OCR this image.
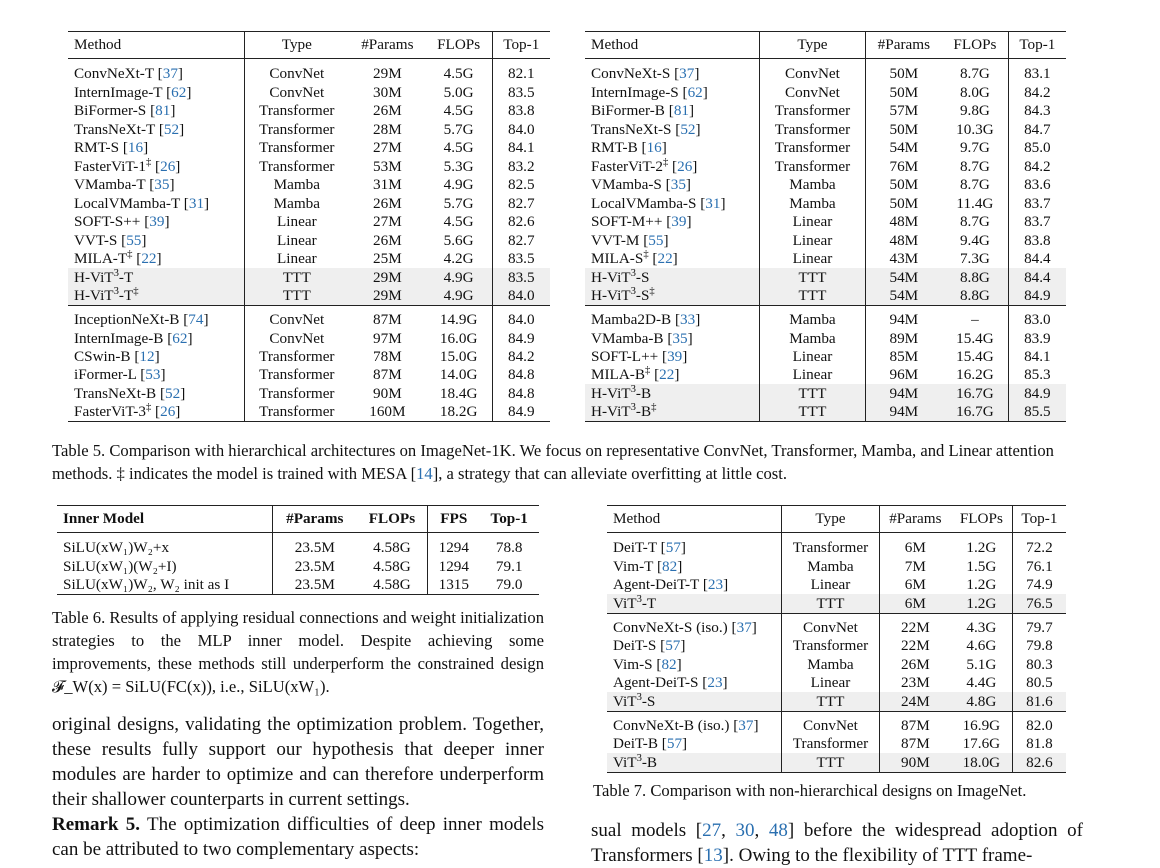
Method	Type	#Params	FLOPs	Top-1
ConvNeXt-T [37]	ConvNet	29M	4.5G	82.1
InternImage-T [62]	ConvNet	30M	5.0G	83.5
BiFormer-S [81]	Transformer	26M	4.5G	83.8
TransNeXt-T [52]	Transformer	28M	5.7G	84.0
RMT-S [16]	Transformer	27M	4.5G	84.1
FasterViT-1‡ [26]	Transformer	53M	5.3G	83.2
VMamba-T [35]	Mamba	31M	4.9G	82.5
LocalVMamba-T [31]	Mamba	26M	5.7G	82.7
SOFT-S++ [39]	Linear	27M	4.5G	82.6
VVT-S [55]	Linear	26M	5.6G	82.7
MILA-T‡ [22]	Linear	25M	4.2G	83.5
H-ViT$^3$-T	TTT	29M	4.9G	83.5
H-ViT$^3$-T‡	TTT	29M	4.9G	84.0
InceptionNeXt-B [74]	ConvNet	87M	14.9G	84.0
InternImage-B [62]	ConvNet	97M	16.0G	84.9
CSwin-B [12]	Transformer	78M	15.0G	84.2
iFormer-L [53]	Transformer	87M	14.0G	84.8
TransNeXt-B [52]	Transformer	90M	18.4G	84.8
FasterViT-3‡ [26]	Transformer	160M	18.2G	84.9
Method	Type	#Params	FLOPs	Top-1
ConvNeXt-S [37]	ConvNet	50M	8.7G	83.1
InternImage-S [62]	ConvNet	50M	8.0G	84.2
BiFormer-B [81]	Transformer	57M	9.8G	84.3
TransNeXt-S [52]	Transformer	50M	10.3G	84.7
RMT-B [16]	Transformer	54M	9.7G	85.0
FasterViT-2‡ [26]	Transformer	76M	8.7G	84.2
VMamba-S [35]	Mamba	50M	8.7G	83.6
LocalVMamba-S [31]	Mamba	50M	11.4G	83.7
SOFT-M++ [39]	Linear	48M	8.7G	83.7
VVT-M [55]	Linear	48M	9.4G	83.8
MILA-S‡ [22]	Linear	43M	7.3G	84.4
H-ViT$^3$-S	TTT	54M	8.8G	84.4
H-ViT$^3$-S‡	TTT	54M	8.8G	84.9
Mamba2D-B [33]	Mamba	94M	–	83.0
VMamba-B [35]	Mamba	89M	15.4G	83.9
SOFT-L++ [39]	Linear	85M	15.4G	84.1
MILA-B‡ [22]	Linear	96M	16.2G	85.3
H-ViT$^3$-B	TTT	94M	16.7G	84.9
H-ViT$^3$-B‡	TTT	94M	16.7G	85.5
Table 5. Comparison with hierarchical architectures on ImageNet-1K. We focus on representative ConvNet, Transformer, Mamba, and Linear attention methods. ‡ indicates the model is trained with MESA [14], a strategy that can alleviate overfitting at little cost.
Inner Model	#Params	FLOPs	FPS	Top-1
SiLU(xW₁)W₂+x	23.5M	4.58G	1294	78.8
SiLU(xW₁)(W₂+I)	23.5M	4.58G	1294	79.1
SiLU(xW₁)W₂, W₂ init as I	23.5M	4.58G	1315	79.0
Table 6. Results of applying residual connections and weight initialization strategies to the MLP inner model. Despite achieving some improvements, these methods still underperform the constrained design 𝓕_W(x) = SiLU(FC(x)), i.e., SiLU(xW₁).
Method	Type	#Params	FLOPs	Top-1
DeiT-T [57]	Transformer	6M	1.2G	72.2
Vim-T [82]	Mamba	7M	1.5G	76.1
Agent-DeiT-T [23]	Linear	6M	1.2G	74.9
ViT$^3$-T	TTT	6M	1.2G	76.5
ConvNeXt-S (iso.) [37]	ConvNet	22M	4.3G	79.7
DeiT-S [57]	Transformer	22M	4.6G	79.8
Vim-S [82]	Mamba	26M	5.1G	80.3
Agent-DeiT-S [23]	Linear	23M	4.4G	80.5
ViT$^3$-S	TTT	24M	4.8G	81.6
ConvNeXt-B (iso.) [37]	ConvNet	87M	16.9G	82.0
DeiT-B [57]	Transformer	87M	17.6G	81.8
ViT$^3$-B	TTT	90M	18.0G	82.6
Table 7. Comparison with non-hierarchical designs on ImageNet.
original designs, validating the optimization problem. Together, these results fully support our hypothesis that deeper inner modules are harder to optimize and can therefore underperform their shallower counterparts in current settings.
Remark 5. The optimization difficulties of deep inner models can be attributed to two complementary aspects:
sual models [27, 30, 48] before the widespread adoption of Transformers [13]. Owing to the flexibility of TTT frame-
